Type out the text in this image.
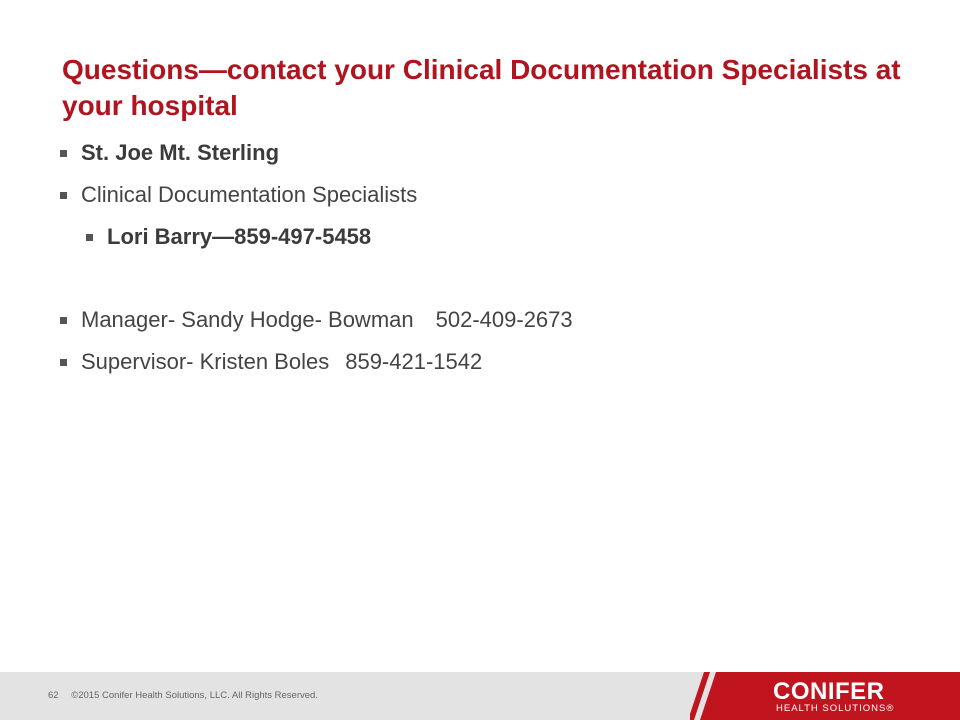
Questions—contact your Clinical Documentation Specialists at your hospital
St. Joe Mt. Sterling
Clinical Documentation Specialists
Lori Barry—859-497-5458
Manager- Sandy Hodge- Bowman 502-409-2673
Supervisor- Kristen Boles 859-421-1542
62 ©2015 Conifer Health Solutions, LLC. All Rights Reserved.	CONIFER
HEALTH SOLUTIONS®
